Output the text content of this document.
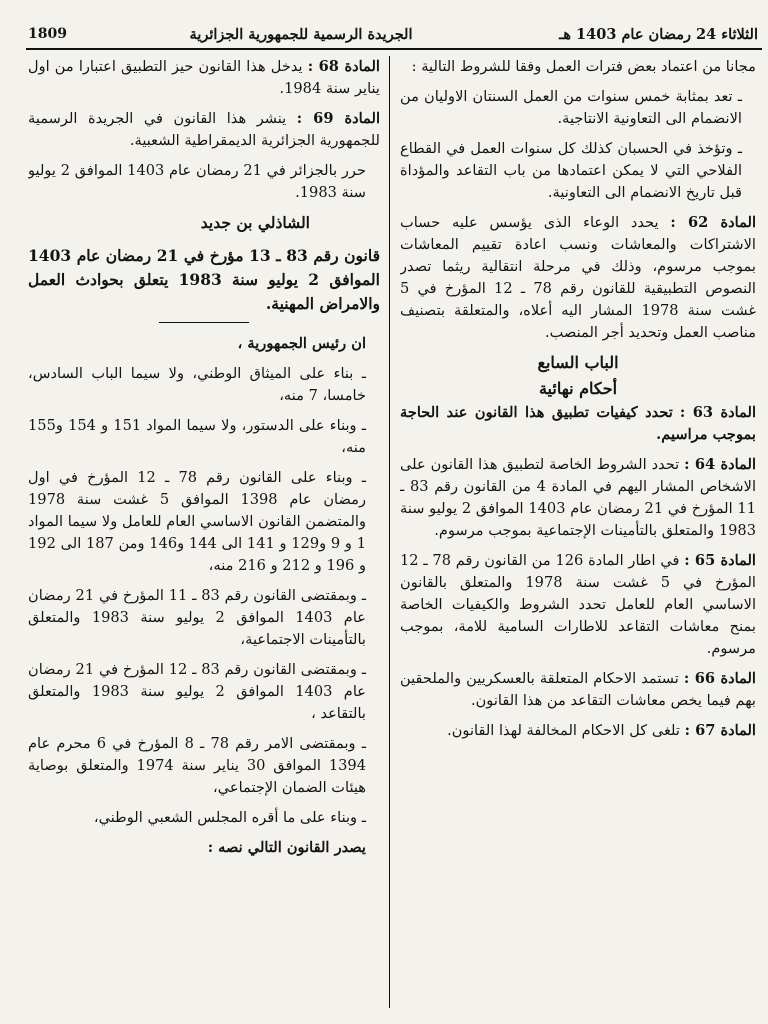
الثلاثاء 24 رمضان عام 1403 هـ
الجريدة الرسمية للجمهورية الجزائرية
1809

مجانا من اعتماد بعض فترات العمل وفقا للشروط التالية :

ـ تعد بمثابة خمس سنوات من العمل السنتان الاوليان من الانضمام الى التعاونية الانتاجية.

ـ وتؤخذ في الحسبان كذلك كل سنوات العمل في القطاع الفلاحي التي لا يمكن اعتمادها من باب التقاعد والمؤداة قبل تاريخ الانضمام الى التعاونية.

المادة 62 : يحدد الوعاء الذى يؤسس عليه حساب الاشتراكات والمعاشات ونسب اعادة تقييم المعاشات بموجب مرسوم، وذلك في مرحلة انتقالية ريثما تصدر النصوص التطبيقية للقانون رقم 78 ـ 12 المؤرخ في 5 غشت سنة 1978 المشار اليه أعلاه، والمتعلقة بتصنيف مناصب العمل وتحديد أجر المنصب.

الباب السابع
أحكام نهائية

المادة 63 : تحدد كيفيات تطبيق هذا القانون عند الحاجة بموجب مراسيم.

المادة 64 : تحدد الشروط الخاصة لتطبيق هذا القانون على الاشخاص المشار اليهم في المادة 4 من القانون رقم 83 ـ 11 المؤرخ في 21 رمضان عام 1403 الموافق 2 يوليو سنة 1983 والمتعلق بالتأمينات الإجتماعية بموجب مرسوم.

المادة 65 : في اطار المادة 126 من القانون رقم 78 ـ 12 المؤرخ في 5 غشت سنة 1978 والمتعلق بالقانون الاساسي العام للعامل تحدد الشروط والكيفيات الخاصة بمنح معاشات التقاعد للاطارات السامية للامة، بموجب مرسوم.

المادة 66 : تستمد الاحكام المتعلقة بالعسكريين والملحقين بهم فيما يخص معاشات التقاعد من هذا القانون.

المادة 67 : تلغى كل الاحكام المخالفة لهذا القانون.

المادة 68 : يدخل هذا القانون حيز التطبيق اعتبارا من اول يناير سنة 1984.

المادة 69 : ينشر هذا القانون في الجريدة الرسمية للجمهورية الجزائرية الديمقراطية الشعبية.

حرر بالجزائر في 21 رمضان عام 1403 الموافق 2 يوليو سنة 1983.

الشاذلي بن جديد
قانون رقم 83 ـ 13 مؤرخ في 21 رمضان عام 1403 الموافق 2 يوليو سنة 1983 يتعلق بحوادث العمل والامراض المهنية.

ان رئيس الجمهورية ،

ـ بناء على الميثاق الوطني، ولا سيما الباب السادس، خامسا، 7 منه،

ـ وبناء على الدستور، ولا سيما المواد 151 و 154 و155 منه،

ـ وبناء على القانون رقم 78 ـ 12 المؤرخ في اول رمضان عام 1398 الموافق 5 غشت سنة 1978 والمتضمن القانون الاساسي العام للعامل ولا سيما المواد 1 و 9 و129 و 141 الى 144 و146 ومن 187 الى 192 و 196 و 212 و 216 منه،

ـ وبمقتضى القانون رقم 83 ـ 11 المؤرخ في 21 رمضان عام 1403 الموافق 2 يوليو سنة 1983 والمتعلق بالتأمينات الاجتماعية،

ـ وبمقتضى القانون رقم 83 ـ 12 المؤرخ في 21 رمضان عام 1403 الموافق 2 يوليو سنة 1983 والمتعلق بالتقاعد ،

ـ وبمقتضى الامر رقم 78 ـ 8 المؤرخ في 6 محرم عام 1394 الموافق 30 يناير سنة 1974 والمتعلق بوصاية هيئات الضمان الإجتماعي،

ـ وبناء على ما أقره المجلس الشعبي الوطني،

يصدر القانون التالي نصه :
